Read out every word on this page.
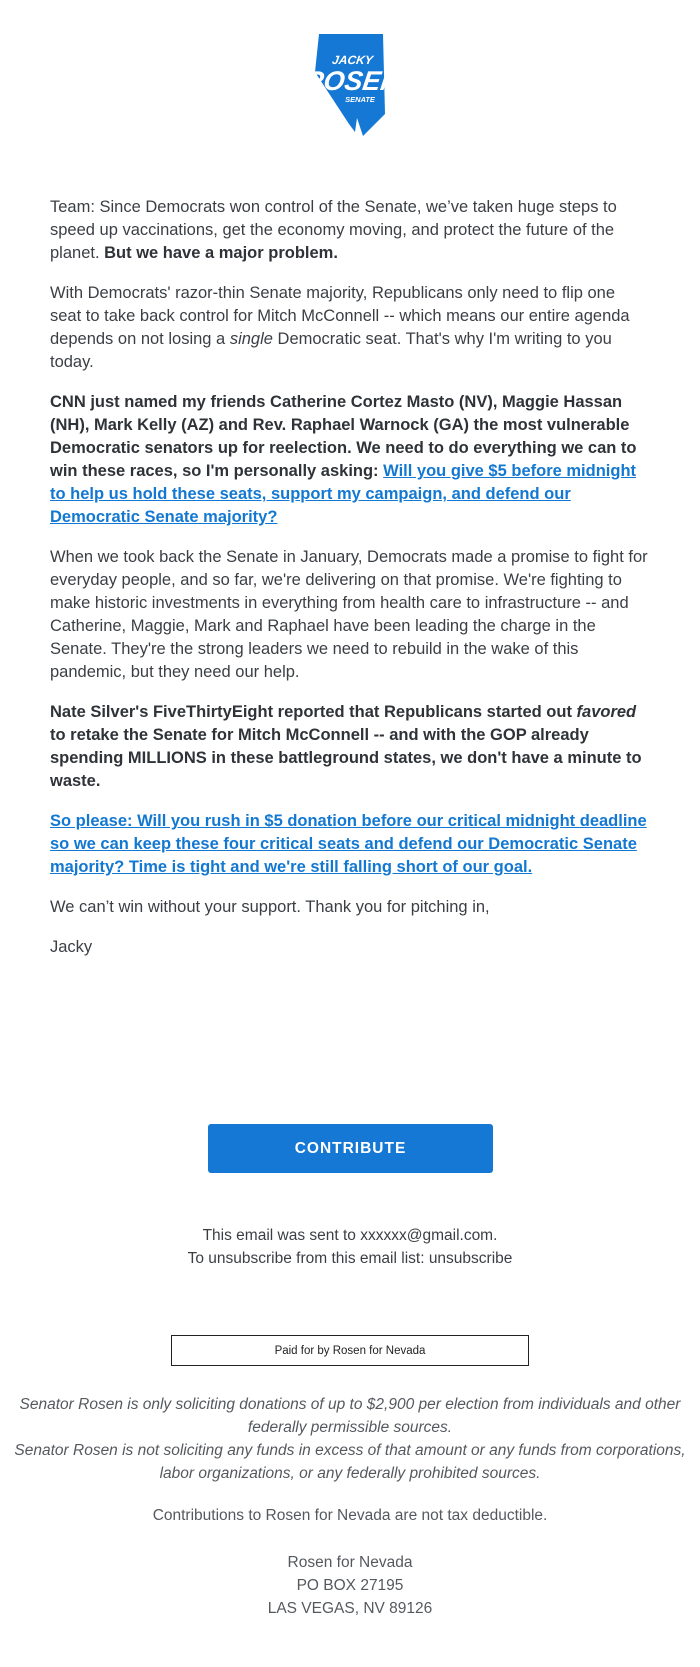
JACKY
ROSEN
SENATE

Team: Since Democrats won control of the Senate, we’ve taken huge steps to speed up vaccinations, get the economy moving, and protect the future of the planet. But we have a major problem.

With Democrats' razor-thin Senate majority, Republicans only need to flip one seat to take back control for Mitch McConnell -- which means our entire agenda depends on not losing a single Democratic seat. That's why I'm writing to you today.

CNN just named my friends Catherine Cortez Masto (NV), Maggie Hassan (NH), Mark Kelly (AZ) and Rev. Raphael Warnock (GA) the most vulnerable Democratic senators up for reelection. We need to do everything we can to win these races, so I'm personally asking: Will you give $5 before midnight to help us hold these seats, support my campaign, and defend our Democratic Senate majority?

When we took back the Senate in January, Democrats made a promise to fight for everyday people, and so far, we're delivering on that promise. We're fighting to make historic investments in everything from health care to infrastructure -- and Catherine, Maggie, Mark and Raphael have been leading the charge in the Senate. They're the strong leaders we need to rebuild in the wake of this pandemic, but they need our help.

Nate Silver's FiveThirtyEight reported that Republicans started out favored to retake the Senate for Mitch McConnell -- and with the GOP already spending MILLIONS in these battleground states, we don't have a minute to waste.

So please: Will you rush in $5 donation before our critical midnight deadline so we can keep these four critical seats and defend our Democratic Senate majority? Time is tight and we're still falling short of our goal.

We can’t win without your support. Thank you for pitching in,

Jacky

CONTRIBUTE
This email was sent to xxxxxx@gmail.com.
To unsubscribe from this email list: unsubscribe
Paid for by Rosen for Nevada
Senator Rosen is only soliciting donations of up to $2,900 per election from individuals and other federally permissible sources.
Senator Rosen is not soliciting any funds in excess of that amount or any funds from corporations, labor organizations, or any federally prohibited sources.
Contributions to Rosen for Nevada are not tax deductible.
Rosen for Nevada
PO BOX 27195
LAS VEGAS, NV 89126
